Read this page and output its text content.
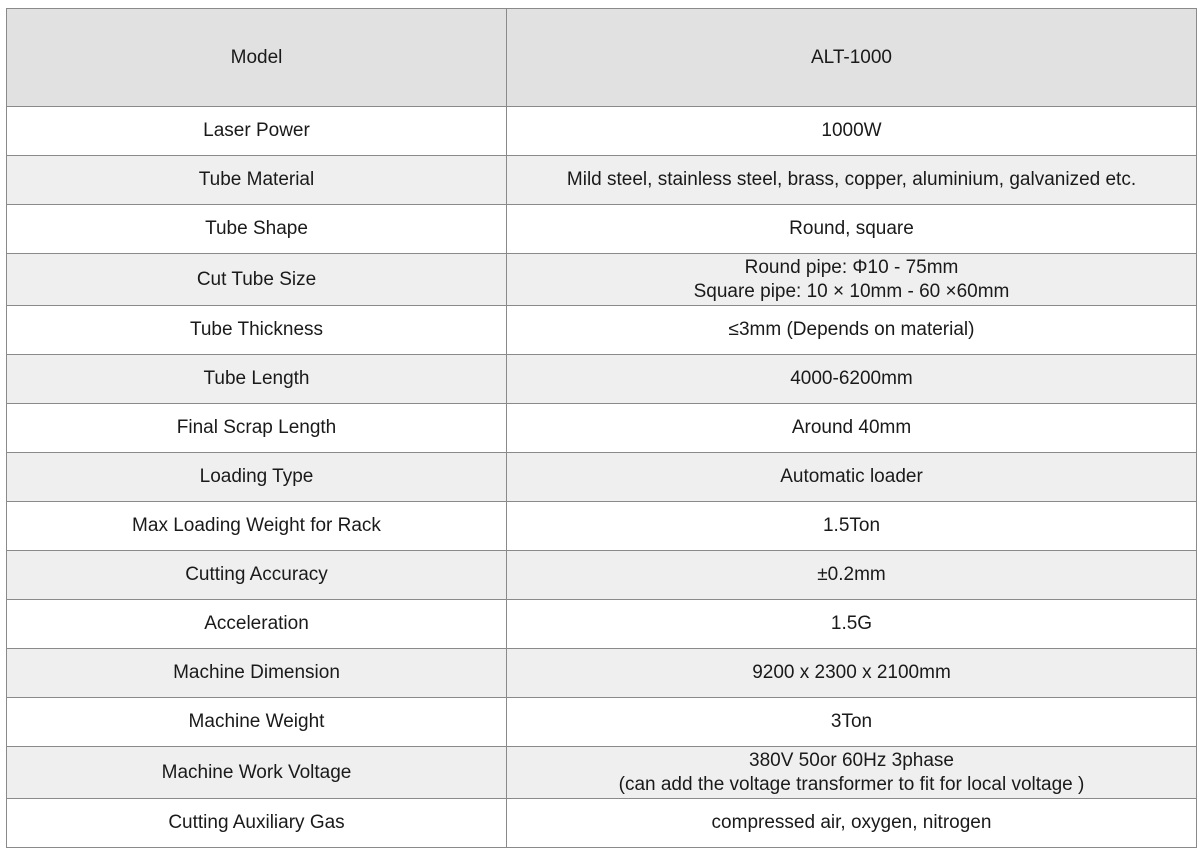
Model	ALT-1000
Laser Power	1000W

Tube Material	Mild steel, stainless steel, brass, copper, aluminium, galvanized etc.

Tube Shape	Round, square

Cut Tube Size	Round pipe: Φ10 - 75mm
Square pipe: 10 × 10mm - 60 ×60mm

Tube Thickness	≤3mm (Depends on material)

Tube Length	4000-6200mm

Final Scrap Length	Around 40mm

Loading Type	Automatic loader

Max Loading Weight for Rack	1.5Ton

Cutting Accuracy	±0.2mm

Acceleration	1.5G

Machine Dimension	9200 x 2300 x 2100mm

Machine Weight	3Ton

Machine Work Voltage	380V 50or 60Hz 3phase
(can add the voltage transformer to fit for local voltage )

Cutting Auxiliary Gas	compressed air, oxygen, nitrogen
